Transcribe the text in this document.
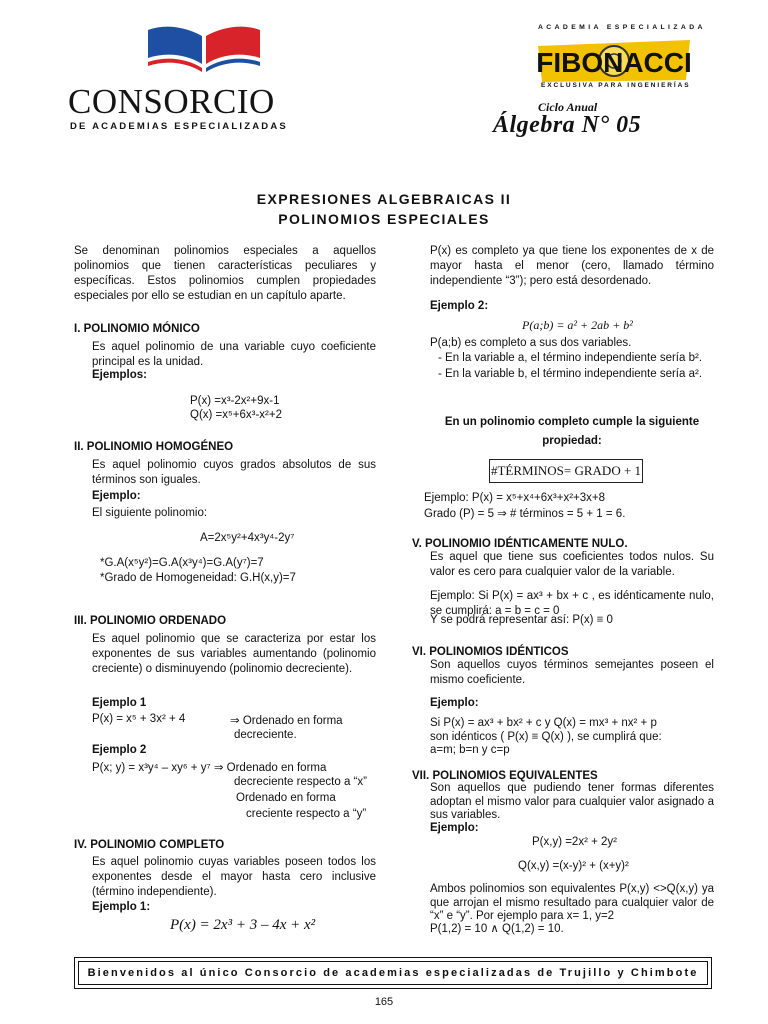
CONSORCIO
DE ACADEMIAS ESPECIALIZADAS
ACADEMIA ESPECIALIZADA
FIBONACCI
EXCLUSIVA PARA INGENIERÍAS
Ciclo Anual
Álgebra N° 05
EXPRESIONES ALGEBRAICAS II
POLINOMIOS ESPECIALES
Se denominan polinomios especiales a aquellos polinomios que tienen características peculiares y específicas. Estos polinomios cumplen propiedades especiales por ello se estudian en un capítulo aparte.
I. POLINOMIO MÓNICO
Es aquel polinomio de una variable cuyo coeficiente principal es la unidad.
Ejemplos:
P(x) =x³-2x²+9x-1
Q(x) =x⁵+6x³-x²+2
II. POLINOMIO HOMOGÉNEO
Es aquel polinomio cuyos grados absolutos de sus términos son iguales.
Ejemplo:
El siguiente polinomio:
A=2x⁵y²+4x³y⁴-2y⁷
*G.A(x⁵y²)=G.A(x³y⁴)=G.A(y⁷)=7
*Grado de Homogeneidad: G.H(x,y)=7
III. POLINOMIO ORDENADO
Es aquel polinomio que se caracteriza por estar los exponentes de sus variables aumentando (polinomio creciente) o disminuyendo (polinomio decreciente).
Ejemplo 1
P(x) = x⁵ + 3x² + 4	⇒ Ordenado en forma
decreciente.
Ejemplo 2
P(x; y) = x³y⁴ – xy⁶ + y⁷ ⇒ Ordenado en forma
decreciente respecto a “x”
Ordenado en forma
creciente respecto a “y”
IV. POLINOMIO COMPLETO
Es aquel polinomio cuyas variables poseen todos los exponentes desde el mayor hasta cero inclusive (término independiente).
Ejemplo 1:
P(x) = 2x³ + 3 – 4x + x²
P(x) es completo ya que tiene los exponentes de x de mayor hasta el menor (cero, llamado término independiente “3”); pero está desordenado.
Ejemplo 2:
P(a;b) = a² + 2ab + b²
P(a;b) es completo a sus dos variables.
- En la variable a, el término independiente sería b².
- En la variable b, el término independiente sería a².
En un polinomio completo cumple la siguiente
propiedad:
#TÉRMINOS= GRADO + 1
Ejemplo: P(x) = x⁵+x⁴+6x³+x²+3x+8
Grado (P) = 5 ⇒ # términos = 5 + 1 = 6.
V. POLINOMIO IDÉNTICAMENTE NULO.
Es aquel que tiene sus coeficientes todos nulos. Su valor es cero para cualquier valor de la variable.
Ejemplo: Si P(x) = ax³ + bx + c , es idénticamente nulo, se cumplirá: a = b = c = 0
Y se podrá representar así: P(x) ≡ 0
VI. POLINOMIOS IDÉNTICOS
Son aquellos cuyos términos semejantes poseen el mismo coeficiente.
Ejemplo:
Si P(x) = ax³ + bx² + c y Q(x) = mx³ + nx² + p
son idénticos ( P(x) ≡ Q(x) ), se cumplirá que:
a=m; b=n y c=p
VII. POLINOMIOS EQUIVALENTES
Son aquellos que pudiendo tener formas diferentes adoptan el mismo valor para cualquier valor asignado a sus variables.
Ejemplo:
P(x,y) =2x² + 2y²
Q(x,y) =(x-y)² + (x+y)²
Ambos polinomios son equivalentes P(x,y) <>Q(x,y) ya que arrojan el mismo resultado para cualquier valor de “x” e “y”. Por ejemplo para x= 1, y=2
P(1,2) = 10 ∧ Q(1,2) = 10.
Bienvenidos al único Consorcio de academias especializadas de Trujillo y Chimbote
165
